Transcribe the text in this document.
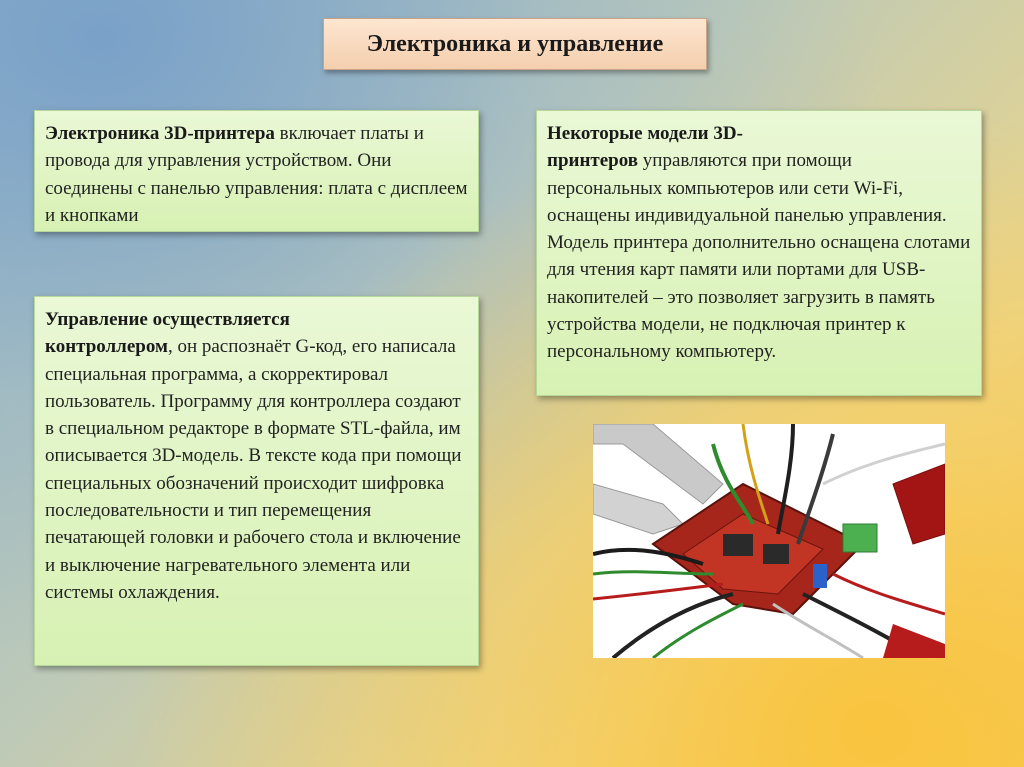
Электроника и управление
Электроника 3D-принтера включает платы и провода для управления устройством. Они соединены с панелью управления: плата с дисплеем и кнопками
Некоторые модели 3D-
принтеров управляются при помощи персональных компьютеров или сети Wi-Fi, оснащены индивидуальной панелью управления. Модель принтера дополнительно оснащена слотами для чтения карт памяти или портами для USB-накопителей – это позволяет загрузить в память устройства модели, не подключая принтер к персональному компьютеру.
Управление осуществляется
контроллером, он распознаёт G-код, его написала специальная программа, а скорректировал пользователь. Программу для контроллера создают в специальном редакторе в формате STL-файла, им описывается 3D-модель. В тексте кода при помощи специальных обозначений происходит шифровка последовательности и тип перемещения печатающей головки и рабочего стола и включение и выключение нагревательного элемента или системы охлаждения.
